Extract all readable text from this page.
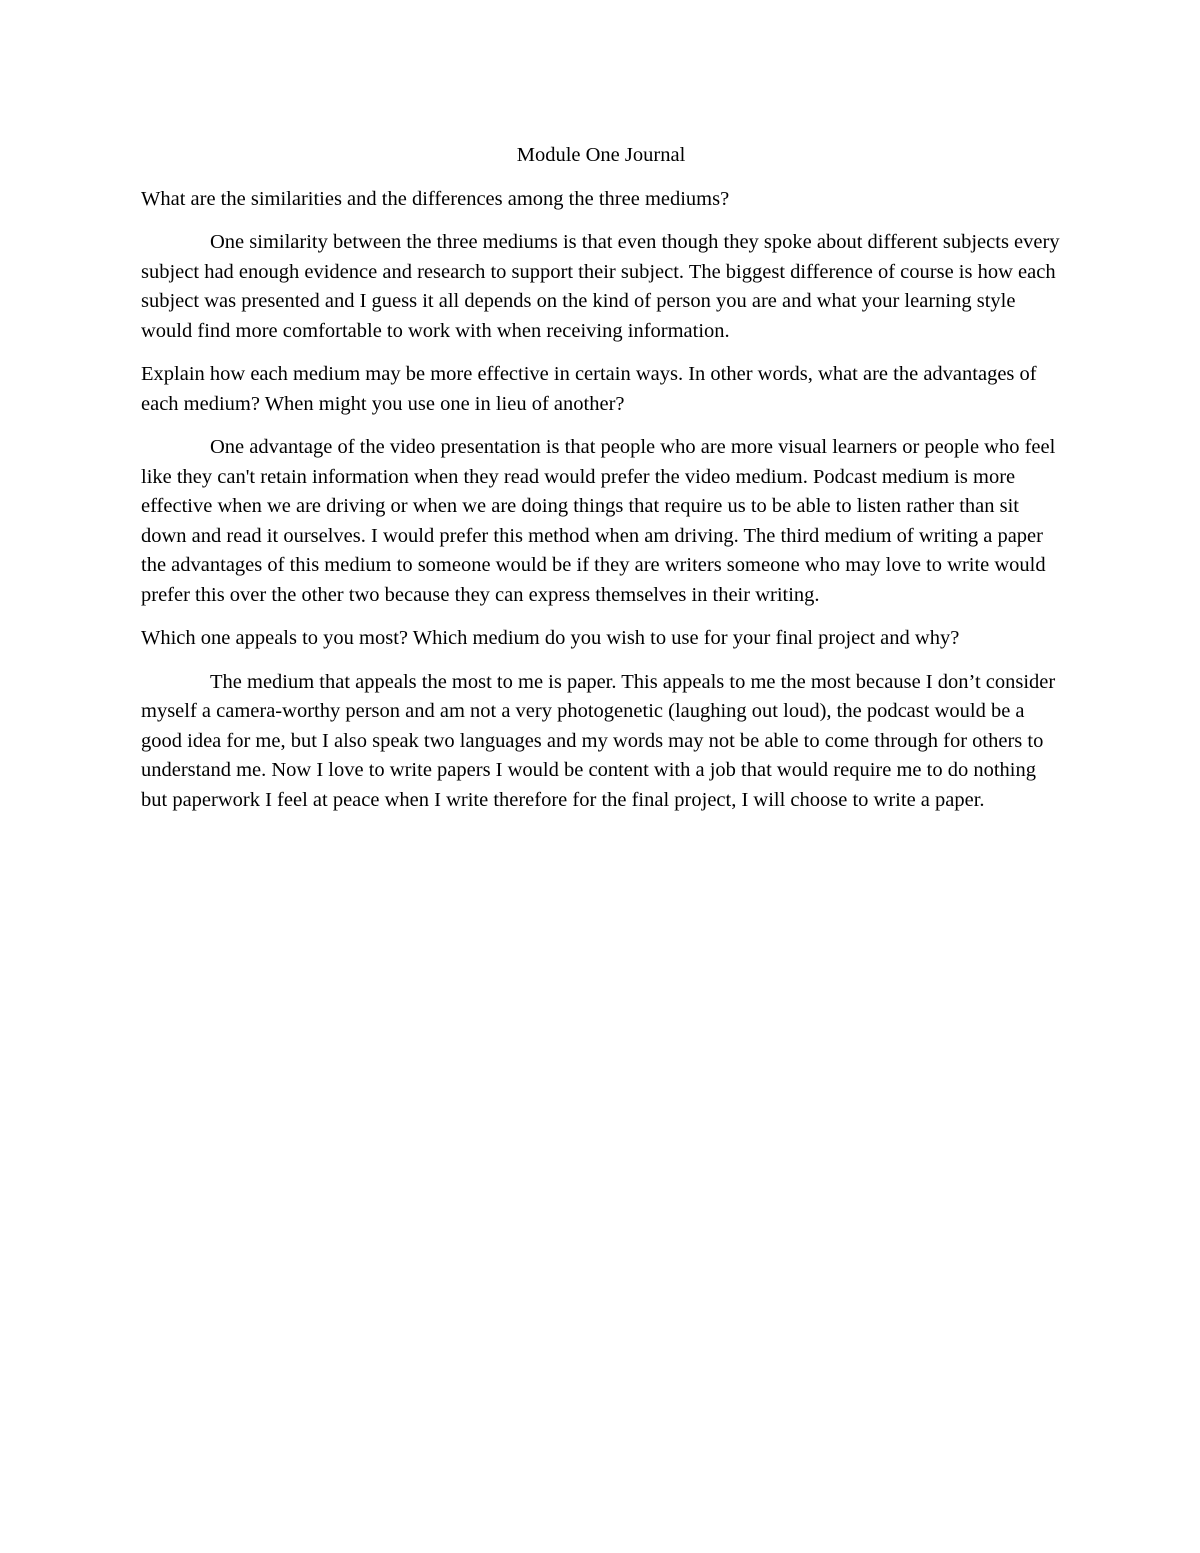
Module One Journal

What are the similarities and the differences among the three mediums?

One similarity between the three mediums is that even though they spoke about different subjects every subject had enough evidence and research to support their subject. The biggest difference of course is how each subject was presented and I guess it all depends on the kind of person you are and what your learning style would find more comfortable to work with when receiving information.

Explain how each medium may be more effective in certain ways. In other words, what are the advantages of each medium? When might you use one in lieu of another?

One advantage of the video presentation is that people who are more visual learners or people who feel like they can't retain information when they read would prefer the video medium. Podcast medium is more effective when we are driving or when we are doing things that require us to be able to listen rather than sit down and read it ourselves. I would prefer this method when am driving. The third medium of writing a paper the advantages of this medium to someone would be if they are writers someone who may love to write would prefer this over the other two because they can express themselves in their writing.

Which one appeals to you most? Which medium do you wish to use for your final project and why?

The medium that appeals the most to me is paper. This appeals to me the most because I don’t consider myself a camera-worthy person and am not a very photogenetic (laughing out loud), the podcast would be a good idea for me, but I also speak two languages and my words may not be able to come through for others to understand me. Now I love to write papers I would be content with a job that would require me to do nothing but paperwork I feel at peace when I write therefore for the final project, I will choose to write a paper.
